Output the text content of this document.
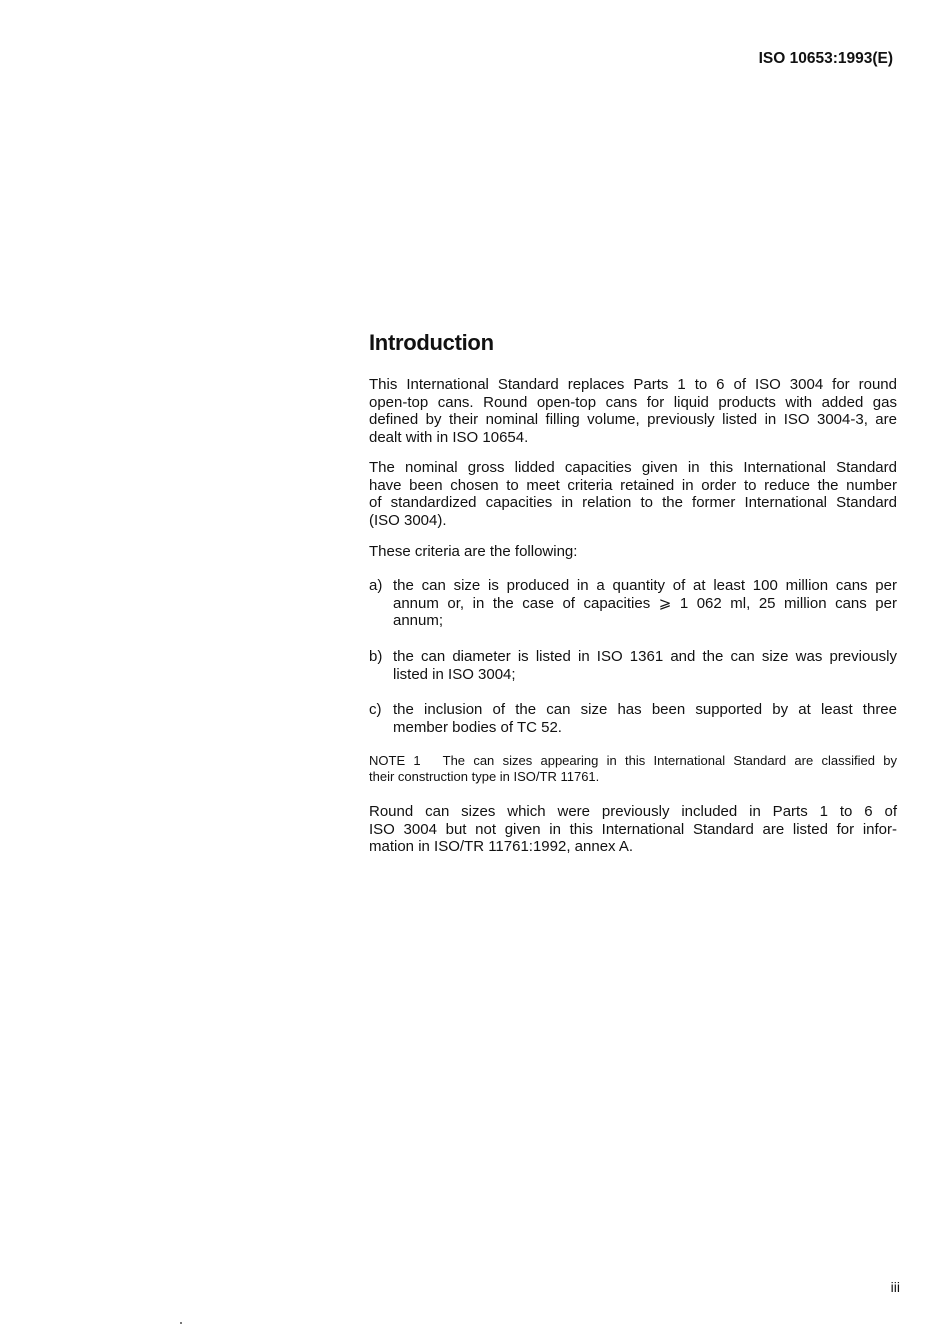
ISO 10653:1993(E)
Introduction
This International Standard replaces Parts 1 to 6 of ISO 3004 for round
open-top cans. Round open-top cans for liquid products with added gas
defined by their nominal filling volume, previously listed in ISO 3004-3, are
dealt with in ISO 10654.
The nominal gross lidded capacities given in this International Standard
have been chosen to meet criteria retained in order to reduce the number
of standardized capacities in relation to the former International Standard
(ISO 3004).
These criteria are the following:
a) the can size is produced in a quantity of at least 100 million cans per
annum or, in the case of capacities ⩾ 1 062 ml, 25 million cans per
annum;
b) the can diameter is listed in ISO 1361 and the can size was previously
listed in ISO 3004;
c) the inclusion of the can size has been supported by at least three
member bodies of TC 52.
NOTE 1 The can sizes appearing in this International Standard are classified by
their construction type in ISO/TR 11761.
Round can sizes which were previously included in Parts 1 to 6 of
ISO 3004 but not given in this International Standard are listed for infor-
mation in ISO/TR 11761:1992, annex A.
iii
